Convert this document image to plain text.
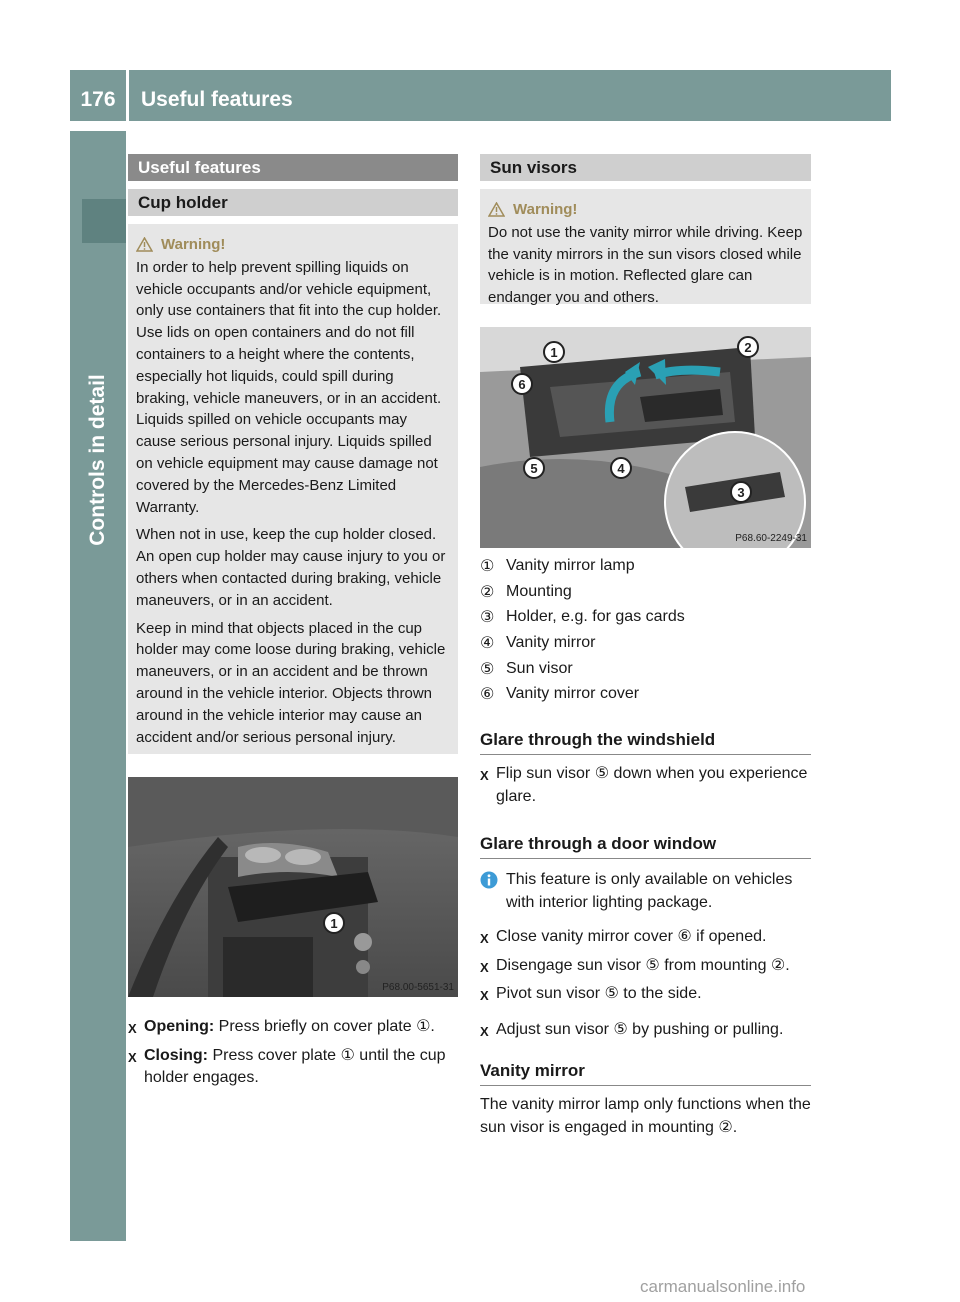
176	Useful features
Controls in detail
Useful features
Cup holder
Warning!

In order to help prevent spilling liquids on vehicle occupants and/or vehicle equipment, only use containers that fit into the cup holder. Use lids on open containers and do not fill containers to a height where the contents, especially hot liquids, could spill during braking, vehicle maneuvers, or in an accident. Liquids spilled on vehicle occupants may cause serious personal injury. Liquids spilled on vehicle equipment may cause damage not covered by the Mercedes-Benz Limited Warranty.

When not in use, keep the cup holder closed. An open cup holder may cause injury to you or others when contacted during braking, vehicle maneuvers, or in an accident.

Keep in mind that objects placed in the cup holder may come loose during braking, vehicle maneuvers, or in an accident and be thrown around in the vehicle interior. Objects thrown around in the vehicle interior may cause an accident and/or serious personal injury.

1
P68.00-5651-31
X Opening: Press briefly on cover plate ①.
X Closing: Press cover plate ① until the cup holder engages.
Sun visors
Warning!

Do not use the vanity mirror while driving. Keep the vanity mirrors in the sun visors closed while vehicle is in motion. Reflected glare can endanger you and others.

1	2
3
4
5
6
P68.60-2249-31
① Vanity mirror lamp
② Mounting
③ Holder, e.g. for gas cards
④ Vanity mirror
⑤ Sun visor
⑥ Vanity mirror cover
Glare through the windshield
X Flip sun visor ⑤ down when you experience glare.
Glare through a door window
This feature is only available on vehicles with interior lighting package.
X Close vanity mirror cover ⑥ if opened.
X Disengage sun visor ⑤ from mounting ②.
X Pivot sun visor ⑤ to the side.
X Adjust sun visor ⑤ by pushing or pulling.
Vanity mirror
The vanity mirror lamp only functions when the sun visor is engaged in mounting ②.
carmanualsonline.info
